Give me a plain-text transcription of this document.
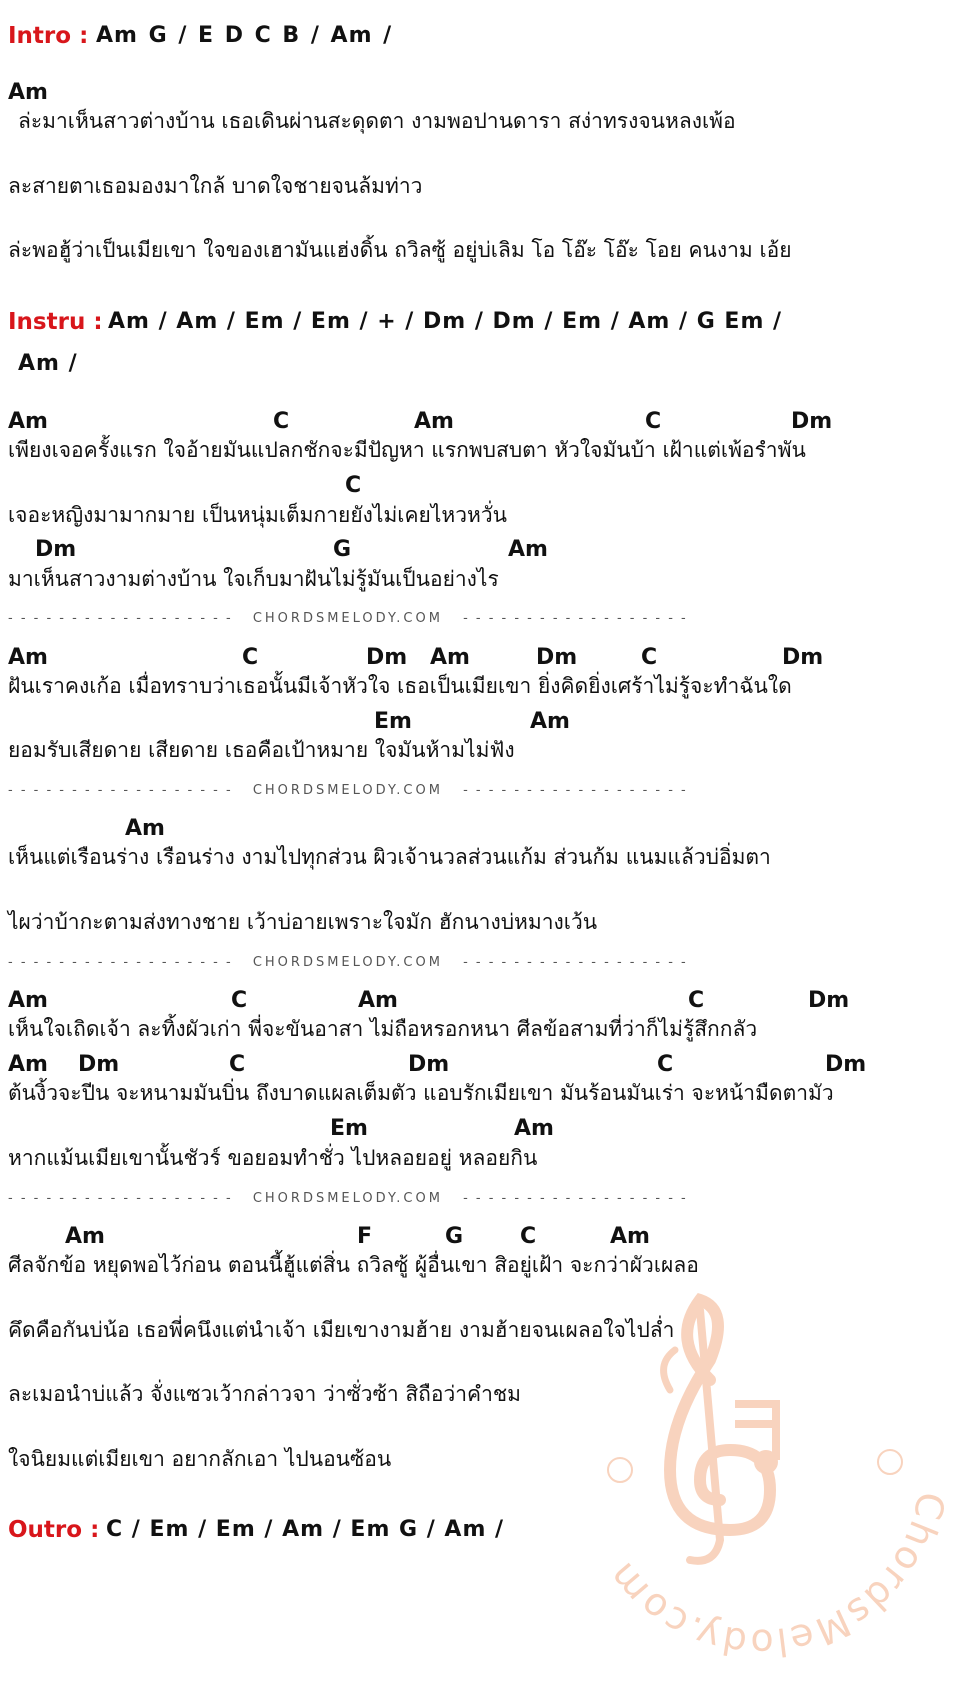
Intro : Am G / E D C B / Am /
Am
ล่ะมาเห็นสาวต่างบ้าน เธอเดินผ่านสะดุดตา งามพอปานดารา สง่าทรงจนหลงเพ้อ
ละสายตาเธอมองมาใกล้ บาดใจชายจนล้มท่าว
ล่ะพอฮู้ว่าเป็นเมียเขา ใจของเฮามันแฮ่งดิ้น ถวิลซู้ อยู่บ่เลิม โอ โอ๊ะ โอ๊ะ โอย คนงาม เอ้ย
Instru : Am / Am / Em / Em / + / Dm / Dm / Em / Am / G Em /
Am /
Am	C	Am	C	Dm
เพียงเจอครั้งแรก ใจอ้ายมันแปลกชักจะมีปัญหา แรกพบสบตา หัวใจมันบ้า เฝ้าแต่เพ้อรำพัน
C
เจอะหญิงมามากมาย เป็นหนุ่มเต็มกายยังไม่เคยไหวหวั่น
Dm	G	Am
มาเห็นสาวงามต่างบ้าน ใจเก็บมาฝันไม่รู้มันเป็นอย่างไร
- - - - - - - - - - - - - - - - - - CHORDSMELODY.COM - - - - - - - - - - - - - - - - - -
Am	C	Dm Am	Dm	C	Dm
ฝันเราคงเก้อ เมื่อทราบว่าเธอนั้นมีเจ้าหัวใจ เธอเป็นเมียเขา ยิ่งคิดยิ่งเศร้าไม่รู้จะทำฉันใด
Em	Am
ยอมรับเสียดาย เสียดาย เธอคือเป้าหมาย ใจมันห้ามไม่ฟัง
- - - - - - - - - - - - - - - - - - CHORDSMELODY.COM - - - - - - - - - - - - - - - - - -
Am
เห็นแต่เรือนร่าง เรือนร่าง งามไปทุกส่วน ผิวเจ้านวลส่วนแก้ม ส่วนก้ม แนมแล้วบ่อิ่มตา
ไผว่าบ้ากะตามส่งทางชาย เว้าบ่อายเพราะใจมัก ฮักนางบ่หมางเว้น
- - - - - - - - - - - - - - - - - - CHORDSMELODY.COM - - - - - - - - - - - - - - - - - -
Am	C	Am	C	Dm
เห็นใจเถิดเจ้า ละทิ้งผัวเก่า พี่จะขันอาสา ไม่ถือหรอกหนา ศีลข้อสามที่ว่าก็ไม่รู้สึกกลัว
Am Dm	C	Dm	C	Dm
ต้นงิ้วจะปีน จะหนามมันบิ่น ถึงบาดแผลเต็มตัว แอบรักเมียเขา มันร้อนมันเร่า จะหน้ามืดตามัว
Em	Am
หากแม้นเมียเขานั้นชัวร์ ขอยอมทำชั่ว ไปหลอยอยู่ หลอยกิน
- - - - - - - - - - - - - - - - - - CHORDSMELODY.COM - - - - - - - - - - - - - - - - - -
Am	F	G	C	Am
ศีลจักข้อ หยุดพอไว้ก่อน ตอนนี้ฮู้แต่สิ่น ถวิลซู้ ผู้อื่นเขา สิอยู่เฝ้า จะกว่าผัวเผลอ
คึดคือกันบ่น้อ เธอพี่คนึงแต่นำเจ้า เมียเขางามฮ้าย งามฮ้ายจนเผลอใจไปล่ำ
ละเมอนำบ่แล้ว จั่งแซวเว้ากล่าวจา ว่าซั่วซ้า สิถือว่าคำชม
ใจนิยมแต่เมียเขา อยากลักเอา ไปนอนซ้อน
Outro : C / Em / Em / Am / Em G / Am /
ChordsMelody.com
